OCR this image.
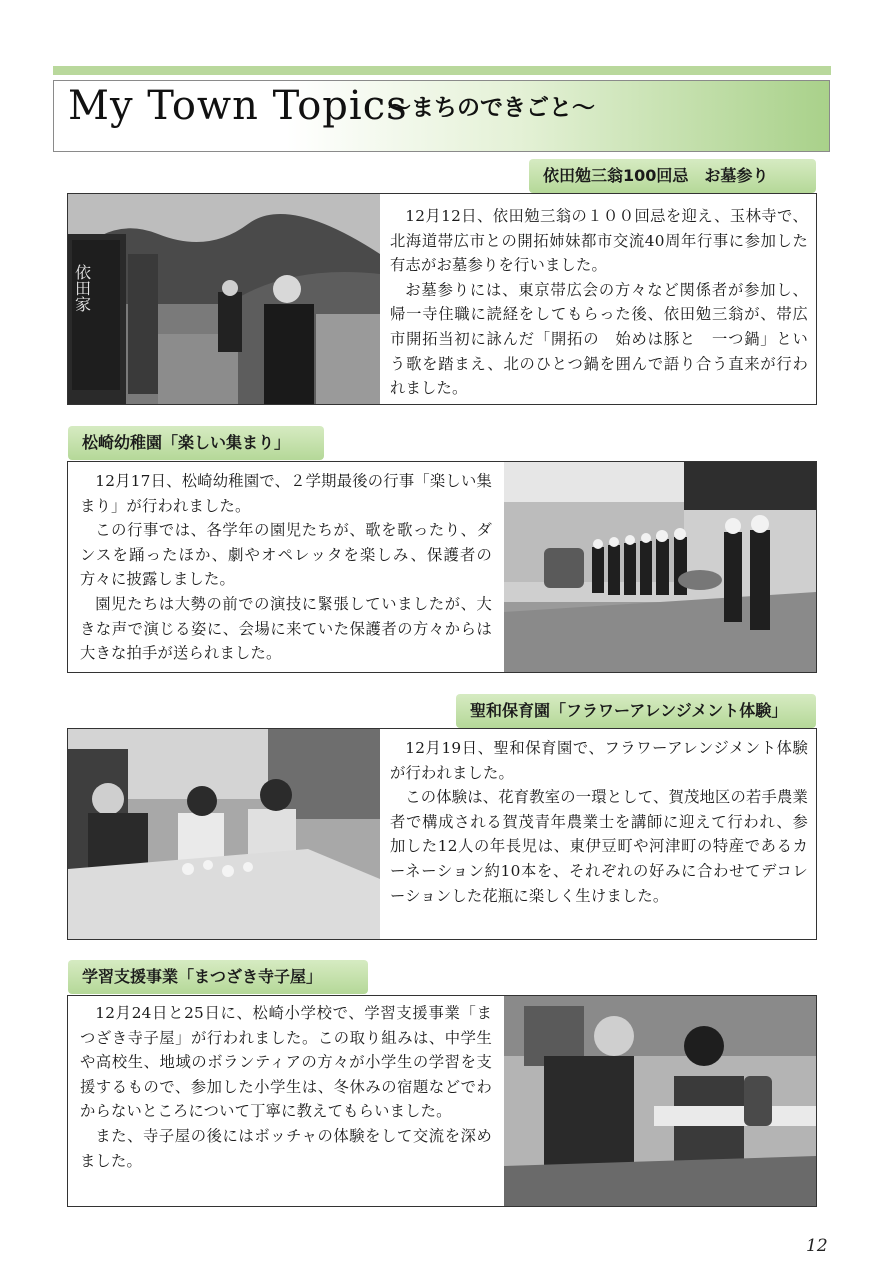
My Town Topics
～まちのできごと～
依田勉三翁100回忌　お墓参り
依田家

12月12日、依田勉三翁の１００回忌を迎え、玉林寺で、北海道帯広市との開拓姉妹都市交流40周年行事に参加した有志がお墓参りを行いました。

お墓参りには、東京帯広会の方々など関係者が参加し、帰一寺住職に読経をしてもらった後、依田勉三翁が、帯広市開拓当初に詠んだ「開拓の　始めは豚と　一つ鍋」という歌を踏まえ、北のひとつ鍋を囲んで語り合う直来が行われました。

松崎幼稚園「楽しい集まり」

12月17日、松崎幼稚園で、２学期最後の行事「楽しい集まり」が行われました。

この行事では、各学年の園児たちが、歌を歌ったり、ダンスを踊ったほか、劇やオペレッタを楽しみ、保護者の方々に披露しました。

園児たちは大勢の前での演技に緊張していましたが、大きな声で演じる姿に、会場に来ていた保護者の方々からは大きな拍手が送られました。

聖和保育園「フラワーアレンジメント体験」

12月19日、聖和保育園で、フラワーアレンジメント体験が行われました。

この体験は、花育教室の一環として、賀茂地区の若手農業者で構成される賀茂青年農業士を講師に迎えて行われ、参加した12人の年長児は、東伊豆町や河津町の特産であるカーネーション約10本を、それぞれの好みに合わせてデコレーションした花瓶に楽しく生けました。

学習支援事業「まつざき寺子屋」

12月24日と25日に、松崎小学校で、学習支援事業「まつざき寺子屋」が行われました。この取り組みは、中学生や高校生、地域のボランティアの方々が小学生の学習を支援するもので、参加した小学生は、冬休みの宿題などでわからないところについて丁寧に教えてもらいました。

また、寺子屋の後にはボッチャの体験をして交流を深めました。

12
